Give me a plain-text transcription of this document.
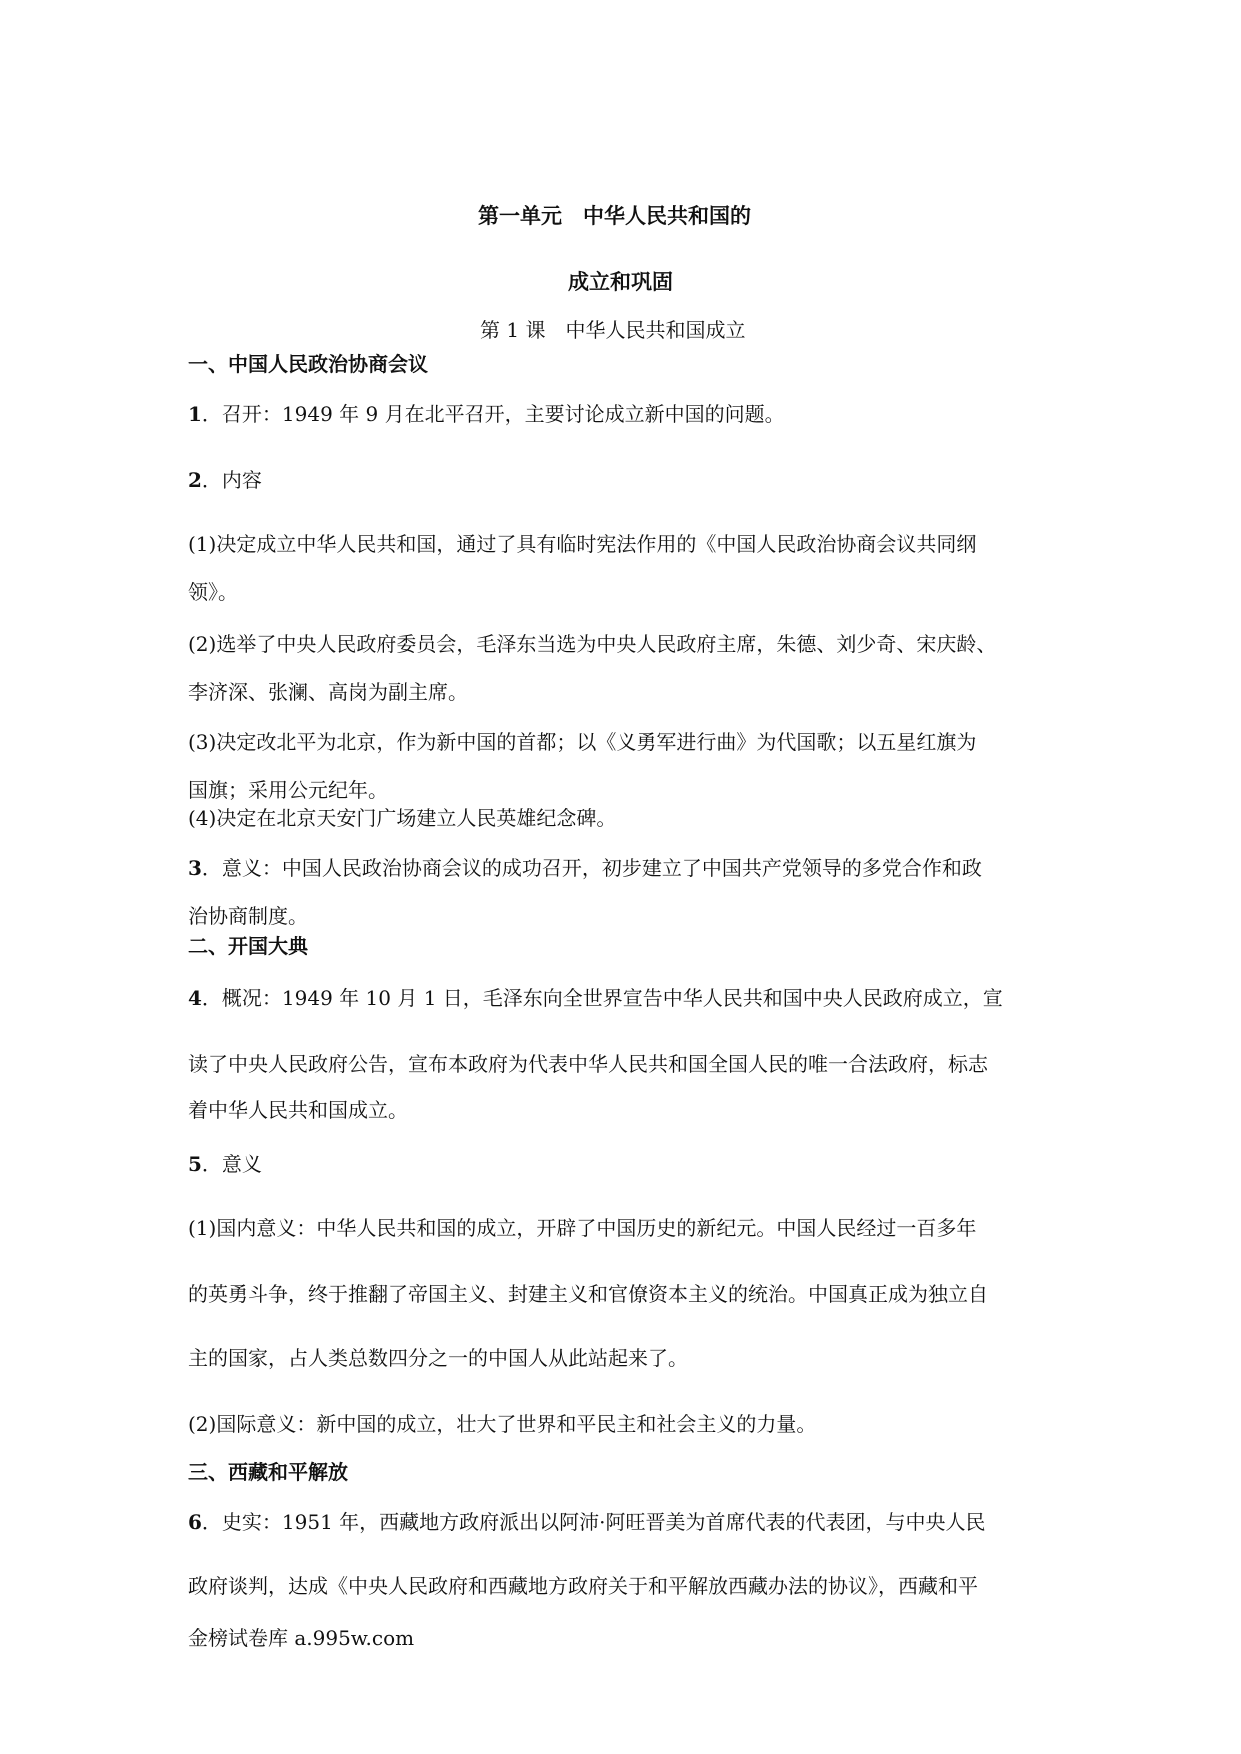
第一单元　中华人民共和国的
成立和巩固
第 1 课　中华人民共和国成立
一、中国人民政治协商会议
1．召开：1949 年 9 月在北平召开，主要讨论成立新中国的问题。
2．内容
(1)决定成立中华人民共和国，通过了具有临时宪法作用的《中国人民政治协商会议共同纲
领》。
(2)选举了中央人民政府委员会，毛泽东当选为中央人民政府主席，朱德、刘少奇、宋庆龄、
李济深、张澜、高岗为副主席。
(3)决定改北平为北京，作为新中国的首都；以《义勇军进行曲》为代国歌；以五星红旗为
国旗；采用公元纪年。
(4)决定在北京天安门广场建立人民英雄纪念碑。
3．意义：中国人民政治协商会议的成功召开，初步建立了中国共产党领导的多党合作和政
治协商制度。
二、开国大典
4．概况：1949 年 10 月 1 日，毛泽东向全世界宣告中华人民共和国中央人民政府成立，宣
读了中央人民政府公告，宣布本政府为代表中华人民共和国全国人民的唯一合法政府，标志
着中华人民共和国成立。
5．意义
(1)国内意义：中华人民共和国的成立，开辟了中国历史的新纪元。中国人民经过一百多年
的英勇斗争，终于推翻了帝国主义、封建主义和官僚资本主义的统治。中国真正成为独立自
主的国家，占人类总数四分之一的中国人从此站起来了。
(2)国际意义：新中国的成立，壮大了世界和平民主和社会主义的力量。
三、西藏和平解放
6．史实：1951 年，西藏地方政府派出以阿沛·阿旺晋美为首席代表的代表团，与中央人民
政府谈判，达成《中央人民政府和西藏地方政府关于和平解放西藏办法的协议》，西藏和平
金榜试卷库 a.995w.com
